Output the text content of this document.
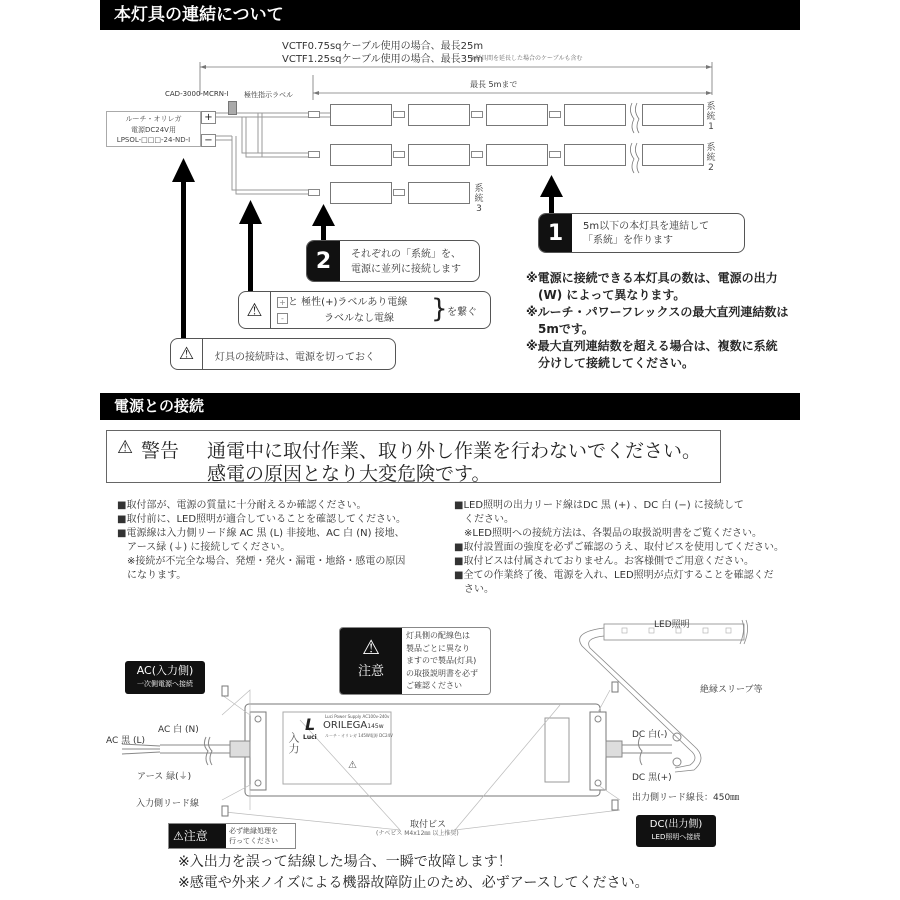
本灯具の連結について
VCTF0.75sqケーブル使用の場合、最長25m
VCTF1.25sqケーブル使用の場合、最長35m
※灯具間を延長した場合のケーブルも含む
最長 5mまで
CAD-3000-MCRN-I 極性指示ラベル
ルーチ・オリレガ
電源DC24V用
LPSOL-□□□-24-ND-I
+
−
系
統
1
系
統
2
系
統
3
1	5m以下の本灯具を連結して
「系統」を作ります
2	それぞれの「系統」を、
電源に並列に接続します
⚠	+ と 極性(+)ラベルあり電線
-	ラベルなし電線	} を繋ぐ
⚠	灯具の接続時は、電源を切っておく
※電源に接続できる本灯具の数は、電源の出力
　(W) によって異なります。
※ルーチ・パワーフレックスの最大直列連結数は
　5mです。
※最大直列連結数を超える場合は、複数に系統
　分けして接続してください。
電源との接続
⚠ 警告 通電中に取付作業、取り外し作業を行わないでください。
感電の原因となり大変危険です。
■取付部が、電源の質量に十分耐えるか確認ください。
■取付前に、LED照明が適合していることを確認してください。
■電源線は入力側リード線 AC 黒 (L) 非接地、AC 白 (N) 接地、
　アース緑 (⏚) に接続してください。
　※接続が不完全な場合、発煙・発火・漏電・地絡・感電の原因
　になります。
■LED照明の出力リード線はDC 黒 (+) 、DC 白 (−) に接続して
　ください。
　※LED照明への接続方法は、各製品の取扱説明書をご覧ください。
■取付設置面の強度を必ずご確認のうえ、取付ビスを使用してください。
■取付ビスは付属されておりません。お客様側でご用意ください。
■全ての作業終了後、電源を入れ、LED照明が点灯することを確認くだ
　さい。
AC(入力側)
一次側電源へ接続
⚠
注意
灯具側の配線色は
製品ごとに異なり
ますので製品(灯具)
の取扱説明書を必ず
ご確認ください
入力
L
Luci
Luci Power Supply AC100v-240v
ORILEGA145w
ルーチ・オリレガ 145W電源 DC24V
⚠
AC 白 (N)
AC 黒 (L)
アース 緑(⏚)
入力側リード線
LED照明
絶縁スリーブ等
DC 白(-)
DC 黒(+)
出力側リード線長：450㎜
取付ビス
(ナベビス M4x12㎜ 以上推奨)
⚠注意	必ず絶縁処理を
行ってください
DC(出力側)
LED照明へ接続
※入出力を誤って結線した場合、一瞬で故障します！
※感電や外来ノイズによる機器故障防止のため、必ずアースしてください。
